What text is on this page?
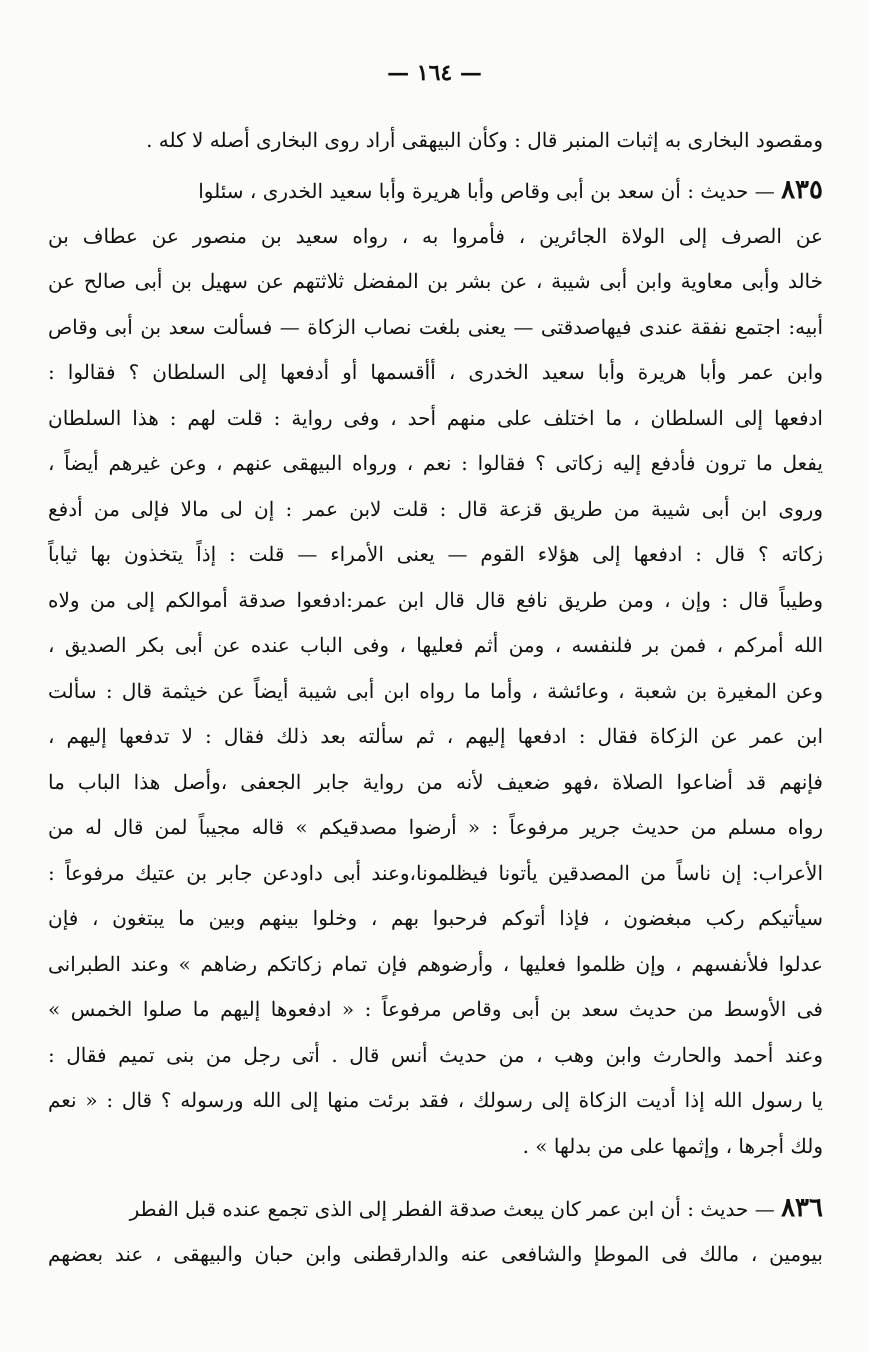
— ١٦٤ —
ومقصود البخارى به إثبات المنبر قال : وكأن البيهقى أراد روى البخارى أصله لا كله .
٨٣٥ — حديث : أن سعد بن أبى وقاص وأبا هريرة وأبا سعيد الخدرى ، سئلوا
عن الصرف إلى الولاة الجائرين ، فأمروا به ، رواه سعيد بن منصور عن عطاف بن
خالد وأبى معاوية وابن أبى شيبة ، عن بشر بن المفضل ثلاثتهم عن سهيل بن أبى صالح عن
أبيه: اجتمع نفقة عندى فيهاصدقتى — يعنى بلغت نصاب الزكاة — فسألت سعد بن أبى وقاص
وابن عمر وأبا هريرة وأبا سعيد الخدرى ، أأقسمها أو أدفعها إلى السلطان ؟ فقالوا :
ادفعها إلى السلطان ، ما اختلف على منهم أحد ، وفى رواية : قلت لهم : هذا السلطان
يفعل ما ترون فأدفع إليه زكاتى ؟ فقالوا : نعم ، ورواه البيهقى عنهم ، وعن غيرهم أيضاً ،
وروى ابن أبى شيبة من طريق قزعة قال : قلت لابن عمر : إن لى مالا فإلى من أدفع
زكاته ؟ قال : ادفعها إلى هؤلاء القوم — يعنى الأمراء — قلت : إذاً يتخذون بها ثياباً
وطيباً قال : وإن ، ومن طريق نافع قال قال ابن عمر:ادفعوا صدقة أموالكم إلى من ولاه
الله أمركم ، فمن بر فلنفسه ، ومن أثم فعليها ، وفى الباب عنده عن أبى بكر الصديق ،
وعن المغيرة بن شعبة ، وعائشة ، وأما ما رواه ابن أبى شيبة أيضاً عن خيثمة قال : سألت
ابن عمر عن الزكاة فقال : ادفعها إليهم ، ثم سألته بعد ذلك فقال : لا تدفعها إليهم ،
فإنهم قد أضاعوا الصلاة ،فهو ضعيف لأنه من رواية جابر الجعفى ،وأصل هذا الباب ما
رواه مسلم من حديث جرير مرفوعاً : « أرضوا مصدقيكم » قاله مجيباً لمن قال له من
الأعراب: إن ناساً من المصدقين يأتونا فيظلمونا،وعند أبى داودعن جابر بن عتيك مرفوعاً :
سيأتيكم ركب مبغضون ، فإذا أتوكم فرحبوا بهم ، وخلوا بينهم وبين ما يبتغون ، فإن
عدلوا فلأنفسهم ، وإن ظلموا فعليها ، وأرضوهم فإن تمام زكاتكم رضاهم » وعند الطبرانى
فى الأوسط من حديث سعد بن أبى وقاص مرفوعاً : « ادفعوها إليهم ما صلوا الخمس »
وعند أحمد والحارث وابن وهب ، من حديث أنس قال . أتى رجل من بنى تميم فقال :
يا رسول الله إذا أديت الزكاة إلى رسولك ، فقد برئت منها إلى الله ورسوله ؟ قال : « نعم
ولك أجرها ، وإثمها على من بدلها » .
٨٣٦ — حديث : أن ابن عمر كان يبعث صدقة الفطر إلى الذى تجمع عنده قبل الفطر
بيومين ، مالك فى الموطإ والشافعى عنه والدارقطنى وابن حبان والبيهقى ، عند بعضهم
